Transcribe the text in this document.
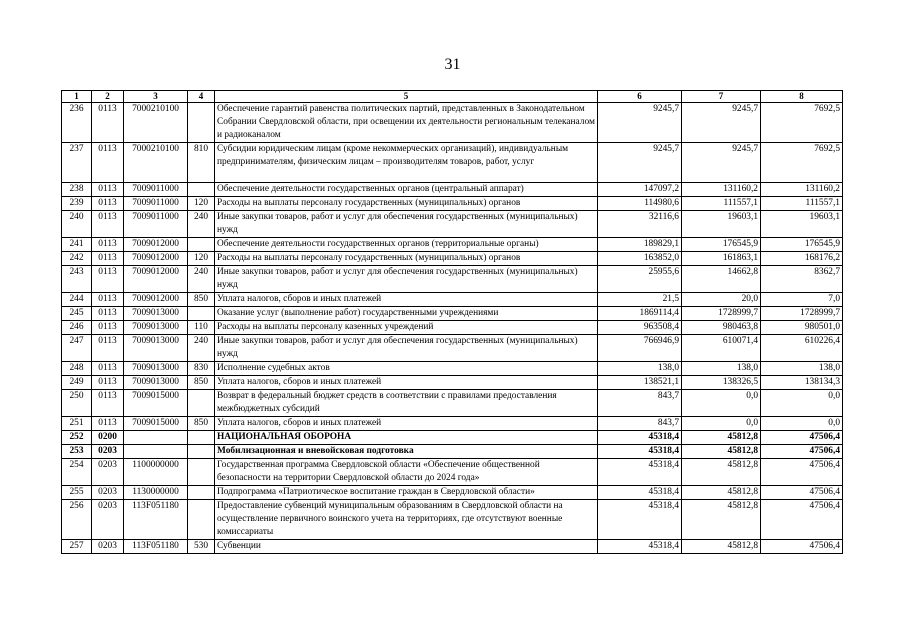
31
1	2	3	4	5	6	7	8
236	0113	7000210100		Обеспечение гарантий равенства политических партий, представленных в Законодательном Собрании Свердловской области, при освещении их деятельности региональным телеканалом и радиоканалом	9245,7	9245,7	7692,5
237	0113	7000210100	810	Субсидии юридическим лицам (кроме некоммерческих организаций), индивидуальным предпринимателям, физическим лицам – производителям товаров, работ, услуг	9245,7	9245,7	7692,5
238	0113	7009011000		Обеспечение деятельности государственных органов (центральный аппарат)	147097,2	131160,2	131160,2
239	0113	7009011000	120	Расходы на выплаты персоналу государственных (муниципальных) органов	114980,6	111557,1	111557,1
240	0113	7009011000	240	Иные закупки товаров, работ и услуг для обеспечения государственных (муниципальных) нужд	32116,6	19603,1	19603,1
241	0113	7009012000		Обеспечение деятельности государственных органов (территориальные органы)	189829,1	176545,9	176545,9
242	0113	7009012000	120	Расходы на выплаты персоналу государственных (муниципальных) органов	163852,0	161863,1	168176,2
243	0113	7009012000	240	Иные закупки товаров, работ и услуг для обеспечения государственных (муниципальных) нужд	25955,6	14662,8	8362,7
244	0113	7009012000	850	Уплата налогов, сборов и иных платежей	21,5	20,0	7,0
245	0113	7009013000		Оказание услуг (выполнение работ) государственными учреждениями	1869114,4	1728999,7	1728999,7
246	0113	7009013000	110	Расходы на выплаты персоналу казенных учреждений	963508,4	980463,8	980501,0
247	0113	7009013000	240	Иные закупки товаров, работ и услуг для обеспечения государственных (муниципальных) нужд	766946,9	610071,4	610226,4
248	0113	7009013000	830	Исполнение судебных актов	138,0	138,0	138,0
249	0113	7009013000	850	Уплата налогов, сборов и иных платежей	138521,1	138326,5	138134,3
250	0113	7009015000		Возврат в федеральный бюджет средств в соответствии с правилами предоставления межбюджетных субсидий	843,7	0,0	0,0
251	0113	7009015000	850	Уплата налогов, сборов и иных платежей	843,7	0,0	0,0
252	0200			НАЦИОНАЛЬНАЯ ОБОРОНА	45318,4	45812,8	47506,4
253	0203			Мобилизационная и вневойсковая подготовка	45318,4	45812,8	47506,4
254	0203	1100000000		Государственная программа Свердловской области «Обеспечение общественной безопасности на территории Свердловской области до 2024 года»	45318,4	45812,8	47506,4
255	0203	1130000000		Подпрограмма «Патриотическое воспитание граждан в Свердловской области»	45318,4	45812,8	47506,4
256	0203	113F051180		Предоставление субвенций муниципальным образованиям в Свердловской области на осуществление первичного воинского учета на территориях, где отсутствуют военные комиссариаты	45318,4	45812,8	47506,4
257	0203	113F051180	530	Субвенции	45318,4	45812,8	47506,4
